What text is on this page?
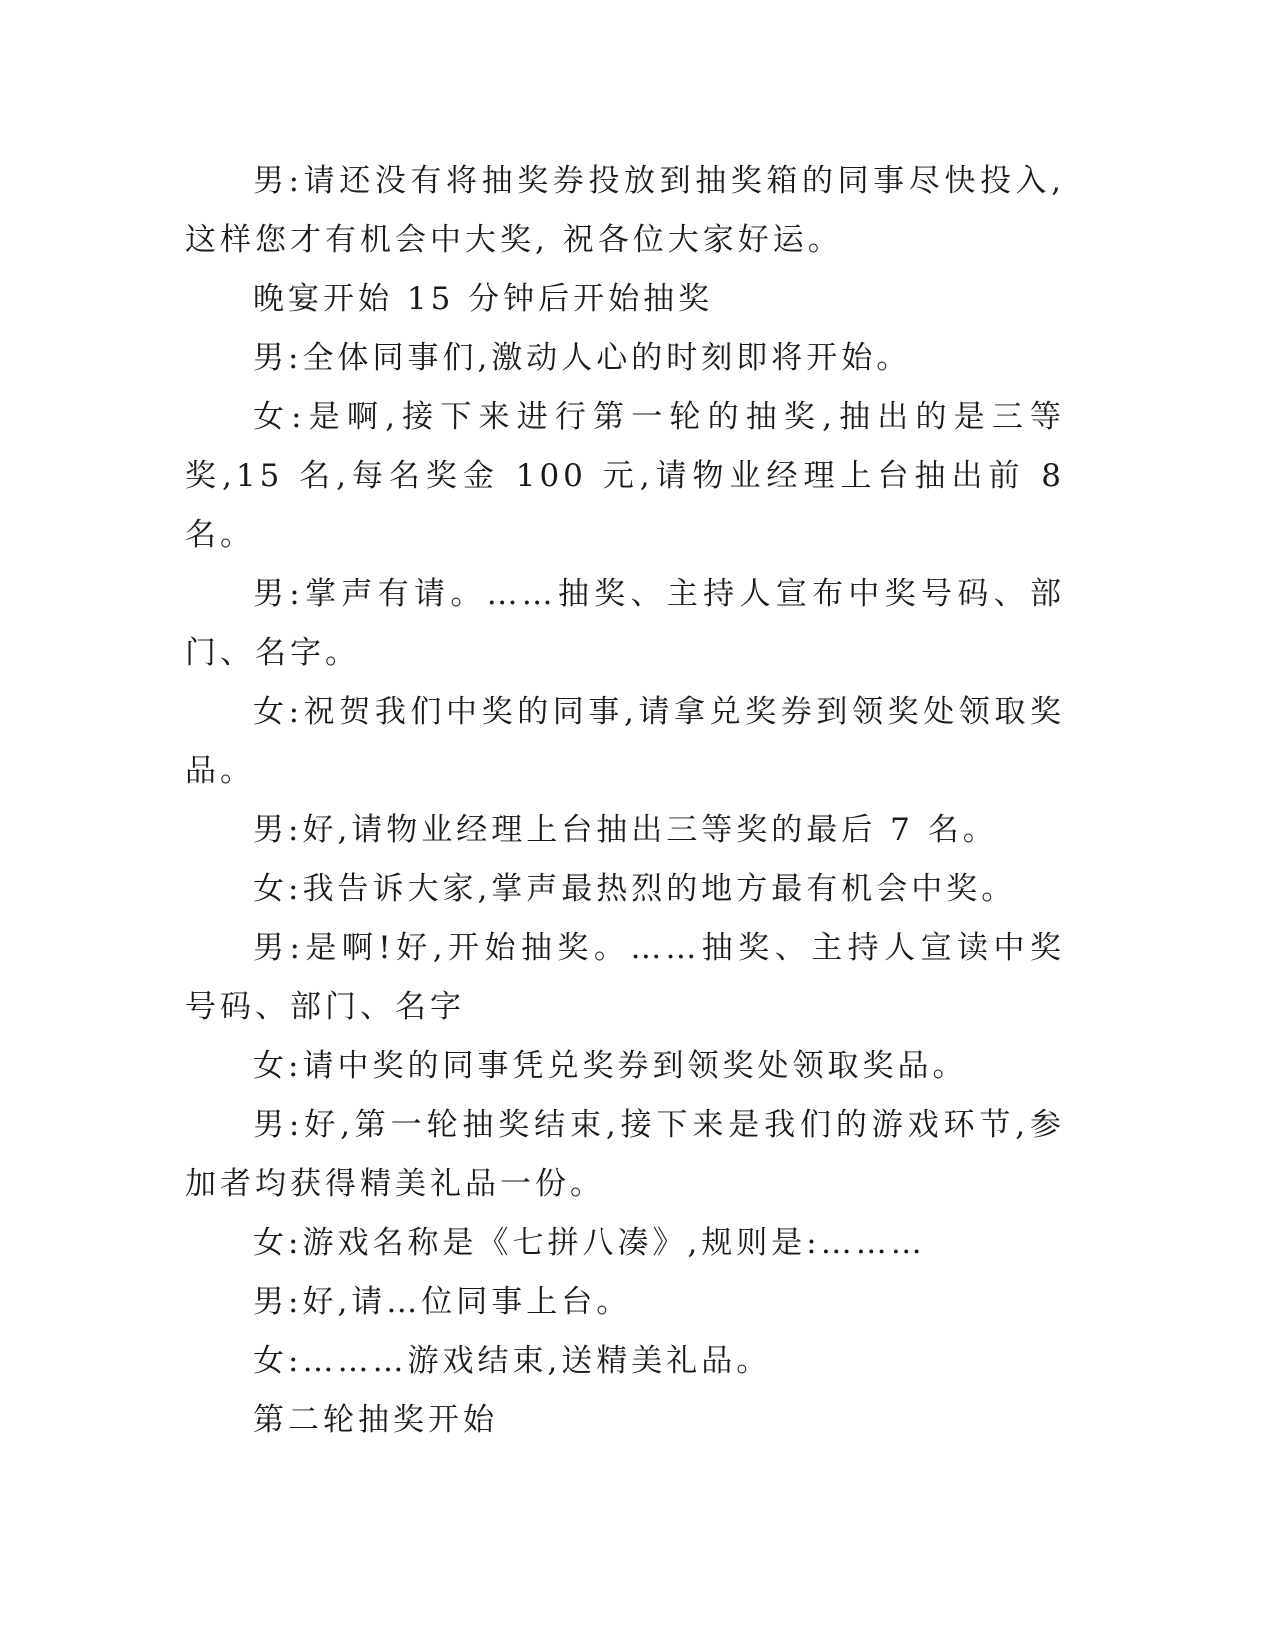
男:请还没有将抽奖券投放到抽奖箱的同事尽快投入,这样您才有机会中大奖, 祝各位大家好运。

晚宴开始 15 分钟后开始抽奖

男:全体同事们,激动人心的时刻即将开始。

女:是啊,接下来进行第一轮的抽奖,抽出的是三等奖,15 名,每名奖金 100 元,请物业经理上台抽出前 8 名。

男:掌声有请。……抽奖、主持人宣布中奖号码、部门、名字。

女:祝贺我们中奖的同事,请拿兑奖券到领奖处领取奖品。

男:好,请物业经理上台抽出三等奖的最后 7 名。

女:我告诉大家,掌声最热烈的地方最有机会中奖。

男:是啊!好,开始抽奖。……抽奖、主持人宣读中奖号码、部门、名字

女:请中奖的同事凭兑奖券到领奖处领取奖品。

男:好,第一轮抽奖结束,接下来是我们的游戏环节,参加者均获得精美礼品一份。

女:游戏名称是《七拼八凑》,规则是:………

男:好,请…位同事上台。

女:………游戏结束,送精美礼品。

第二轮抽奖开始
